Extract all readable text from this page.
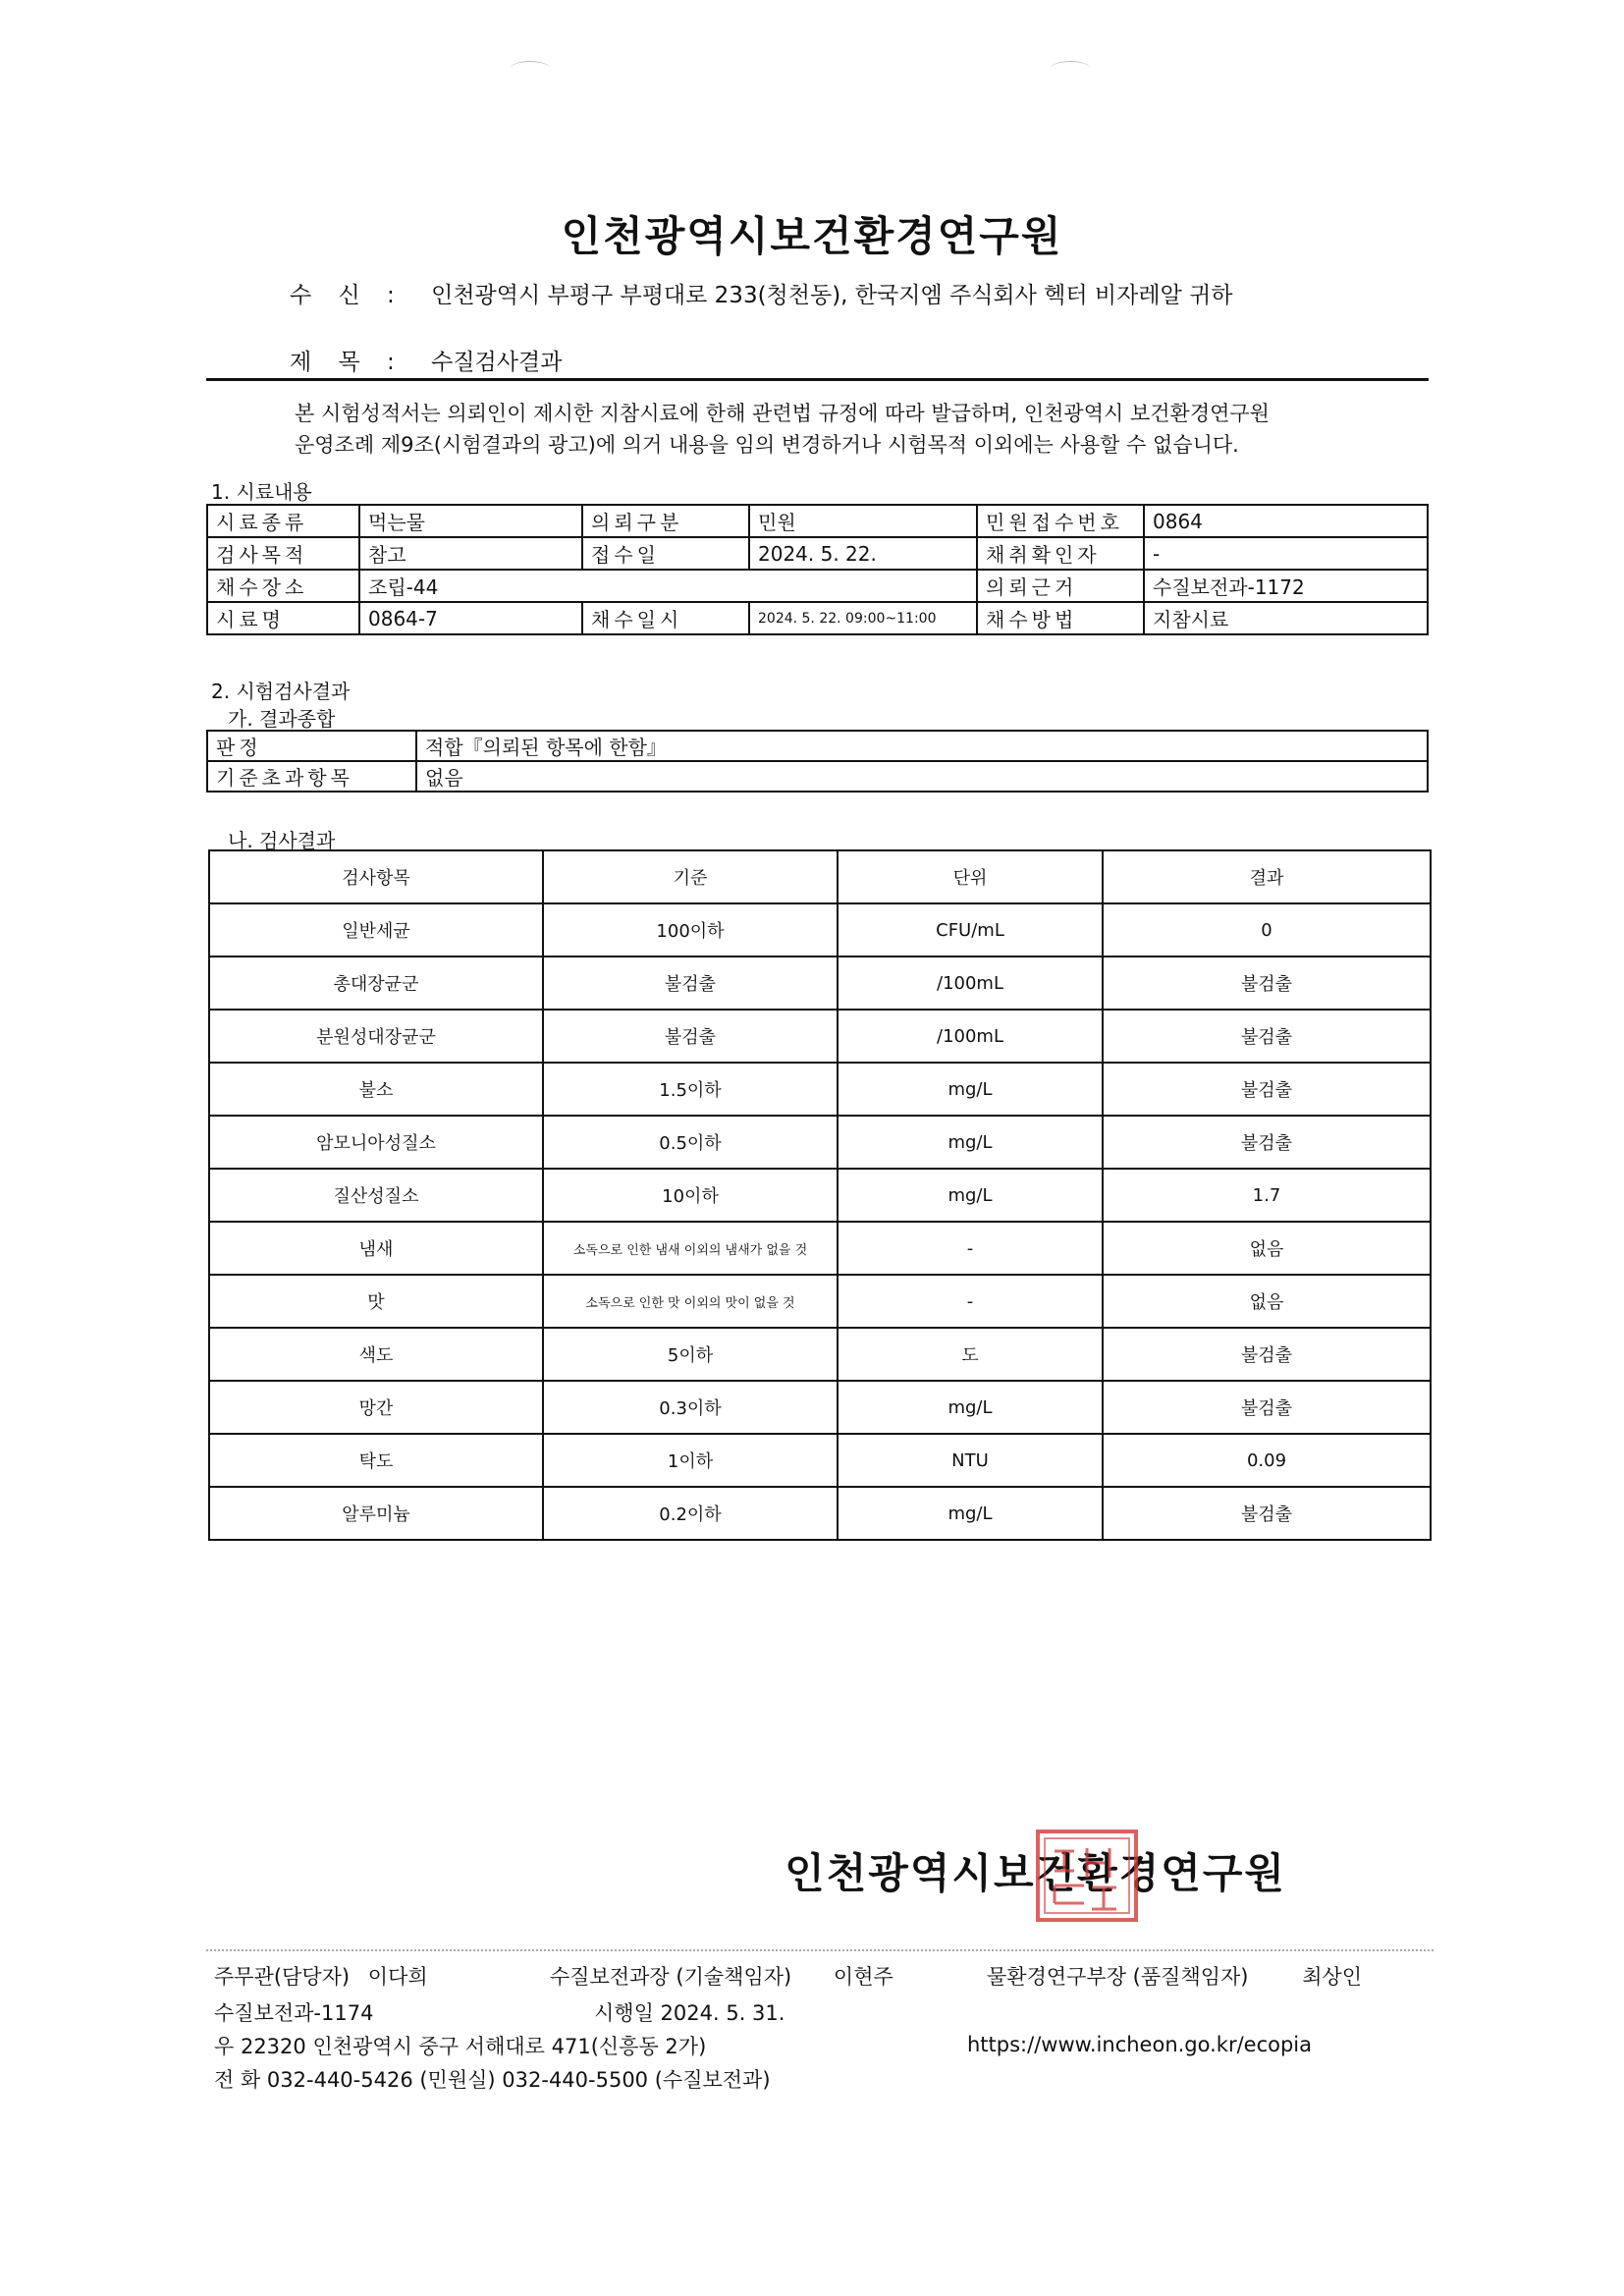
인천광역시보건환경연구원
수 신 : 인천광역시 부평구 부평대로 233(청천동), 한국지엠 주식회사 헥터 비자레알 귀하
제 목 : 수질검사결과
본 시험성적서는 의뢰인이 제시한 지참시료에 한해 관련법 규정에 따라 발급하며, 인천광역시 보건환경연구원
운영조례 제9조(시험결과의 광고)에 의거 내용을 임의 변경하거나 시험목적 이외에는 사용할 수 없습니다.
1. 시료내용
시료종류	먹는물	의뢰구분	민원	민원접수번호	0864
검사목적	참고	접수일	2024. 5. 22.	채취확인자	-
채수장소	조립-44			의뢰근거	수질보전과-1172
시료명	0864-7	채수일시	2024. 5. 22. 09:00~11:00	채수방법	지참시료
2. 시험검사결과
가. 결과종합
판정	적합『의뢰된 항목에 한함』
기준초과항목	없음
나. 검사결과
검사항목	기준	단위	결과
일반세균	100이하	CFU/mL	0
총대장균군	불검출	/100mL	불검출
분원성대장균군	불검출	/100mL	불검출
불소	1.5이하	mg/L	불검출
암모니아성질소	0.5이하	mg/L	불검출
질산성질소	10이하	mg/L	1.7
냄새	소독으로 인한 냄새 이외의 냄새가 없을 것	-	없음
맛	소독으로 인한 맛 이외의 맛이 없을 것	-	없음
색도	5이하	도	불검출
망간	0.3이하	mg/L	불검출
탁도	1이하	NTU	0.09
알루미늄	0.2이하	mg/L	불검출
인천광역시보건환경연구원
주무관(담당자) 이다희	수질보전과장 (기술책임자) 이현주	물환경연구부장 (품질책임자)	최상인
수질보전과-1174	시행일 2024. 5. 31.
우 22320 인천광역시 중구 서해대로 471(신흥동 2가)	https://www.incheon.go.kr/ecopia
전 화 032-440-5426 (민원실) 032-440-5500 (수질보전과)
